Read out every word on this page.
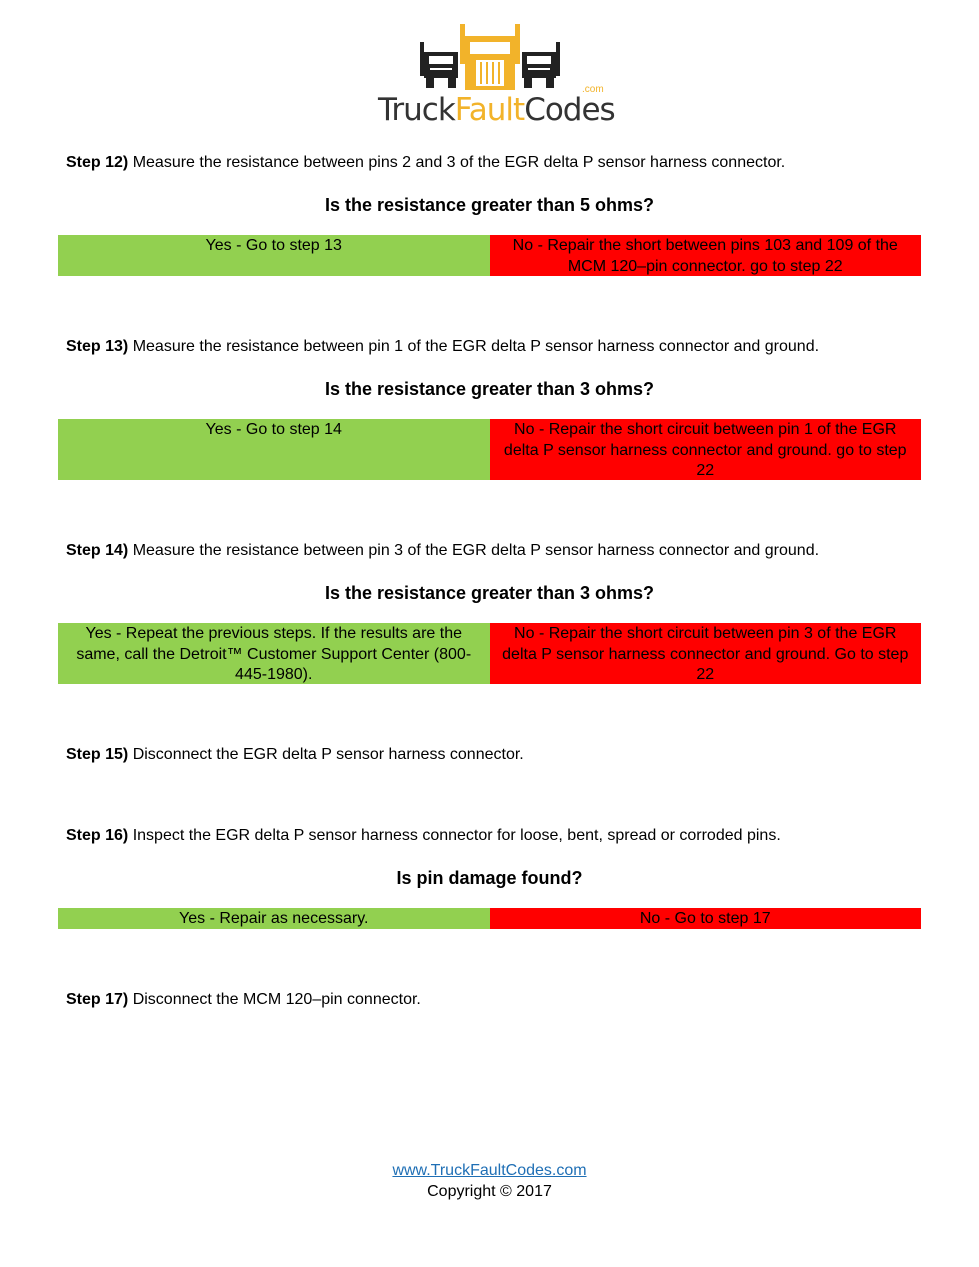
TruckFaultCodes
.com
Step 12) Measure the resistance between pins 2 and 3 of the EGR delta P sensor harness connector.
Is the resistance greater than 5 ohms?
Yes - Go to step 13	No - Repair the short between pins 103 and 109 of the MCM 120–pin connector. go to step 22
Step 13) Measure the resistance between pin 1 of the EGR delta P sensor harness connector and ground.
Is the resistance greater than 3 ohms?
Yes - Go to step 14	No - Repair the short circuit between pin 1 of the EGR delta P sensor harness connector and ground. go to step 22
Step 14) Measure the resistance between pin 3 of the EGR delta P sensor harness connector and ground.
Is the resistance greater than 3 ohms?
Yes - Repeat the previous steps. If the results are the same, call the Detroit™ Customer Support Center (800-445-1980).
No - Repair the short circuit between pin 3 of the EGR delta P sensor harness connector and ground. Go to step 22
Step 15) Disconnect the EGR delta P sensor harness connector.
Step 16) Inspect the EGR delta P sensor harness connector for loose, bent, spread or corroded pins.
Is pin damage found?
Yes - Repair as necessary.	No - Go to step 17
Step 17) Disconnect the MCM 120–pin connector.
www.TruckFaultCodes.com
Copyright © 2017
